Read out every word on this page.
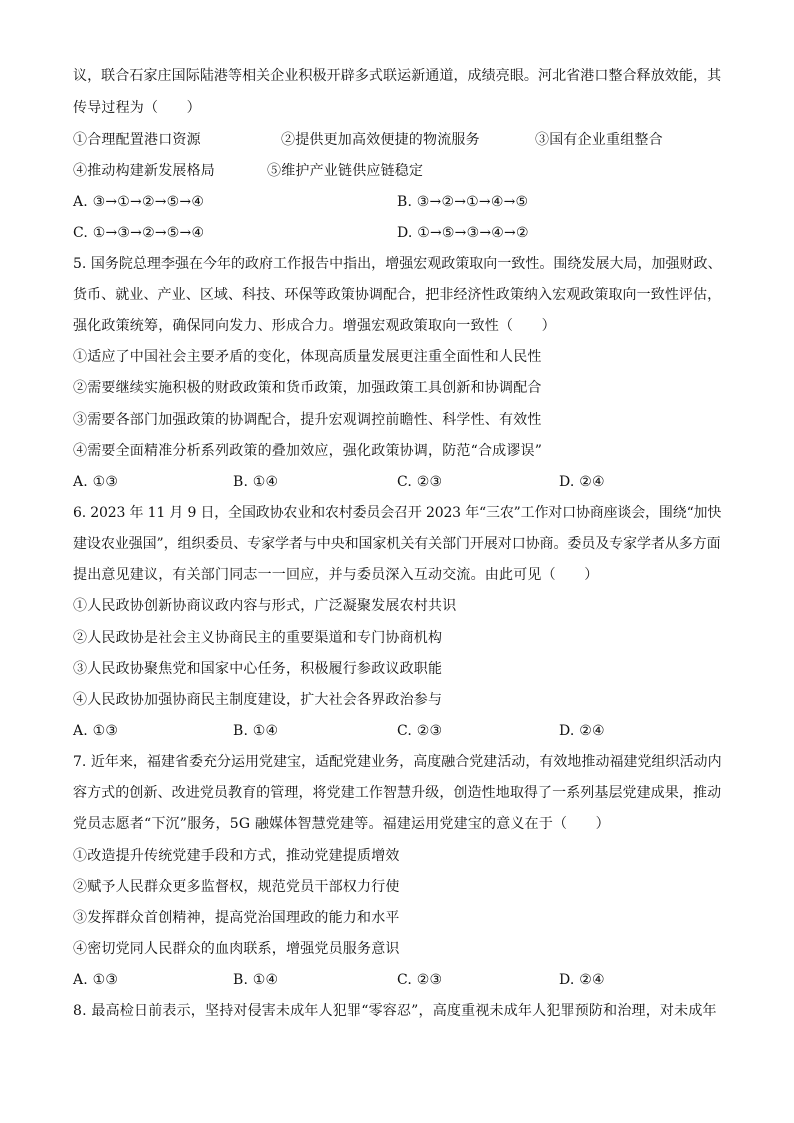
议，联合石家庄国际陆港等相关企业积极开辟多式联运新通道，成绩亮眼。河北省港口整合释放效能，其
传导过程为（　　）
①合理配置港口资源	②提供更加高效便捷的物流服务	③国有企业重组整合
④推动构建新发展格局	⑤维护产业链供应链稳定
A. ③→①→②→⑤→④	B. ③→②→①→④→⑤
C. ①→③→②→⑤→④	D. ①→⑤→③→④→②
5. 国务院总理李强在今年的政府工作报告中指出，增强宏观政策取向一致性。围绕发展大局，加强财政、
货币、就业、产业、区域、科技、环保等政策协调配合，把非经济性政策纳入宏观政策取向一致性评估，
强化政策统筹，确保同向发力、形成合力。增强宏观政策取向一致性（　　）
①适应了中国社会主要矛盾的变化，体现高质量发展更注重全面性和人民性
②需要继续实施积极的财政政策和货币政策，加强政策工具创新和协调配合
③需要各部门加强政策的协调配合，提升宏观调控前瞻性、科学性、有效性
④需要全面精准分析系列政策的叠加效应，强化政策协调，防范“合成谬误”
A. ①③	B. ①④	C. ②③	D. ②④
6. 2023 年 11 月 9 日，全国政协农业和农村委员会召开 2023 年“三农”工作对口协商座谈会，围绕“加快
建设农业强国”，组织委员、专家学者与中央和国家机关有关部门开展对口协商。委员及专家学者从多方面
提出意见建议，有关部门同志一一回应，并与委员深入互动交流。由此可见（　　）
①人民政协创新协商议政内容与形式，广泛凝聚发展农村共识
②人民政协是社会主义协商民主的重要渠道和专门协商机构
③人民政协聚焦党和国家中心任务，积极履行参政议政职能
④人民政协加强协商民主制度建设，扩大社会各界政治参与
A. ①③	B. ①④	C. ②③	D. ②④
7. 近年来，福建省委充分运用党建宝，适配党建业务，高度融合党建活动，有效地推动福建党组织活动内
容方式的创新、改进党员教育的管理，将党建工作智慧升级，创造性地取得了一系列基层党建成果，推动
党员志愿者“下沉”服务，5G 融媒体智慧党建等。福建运用党建宝的意义在于（　　）
①改造提升传统党建手段和方式，推动党建提质增效
②赋予人民群众更多监督权，规范党员干部权力行使
③发挥群众首创精神，提高党治国理政的能力和水平
④密切党同人民群众的血肉联系，增强党员服务意识
A. ①③	B. ①④	C. ②③	D. ②④
8. 最高检日前表示，坚持对侵害未成年人犯罪“零容忍”，高度重视未成年人犯罪预防和治理，对未成年
